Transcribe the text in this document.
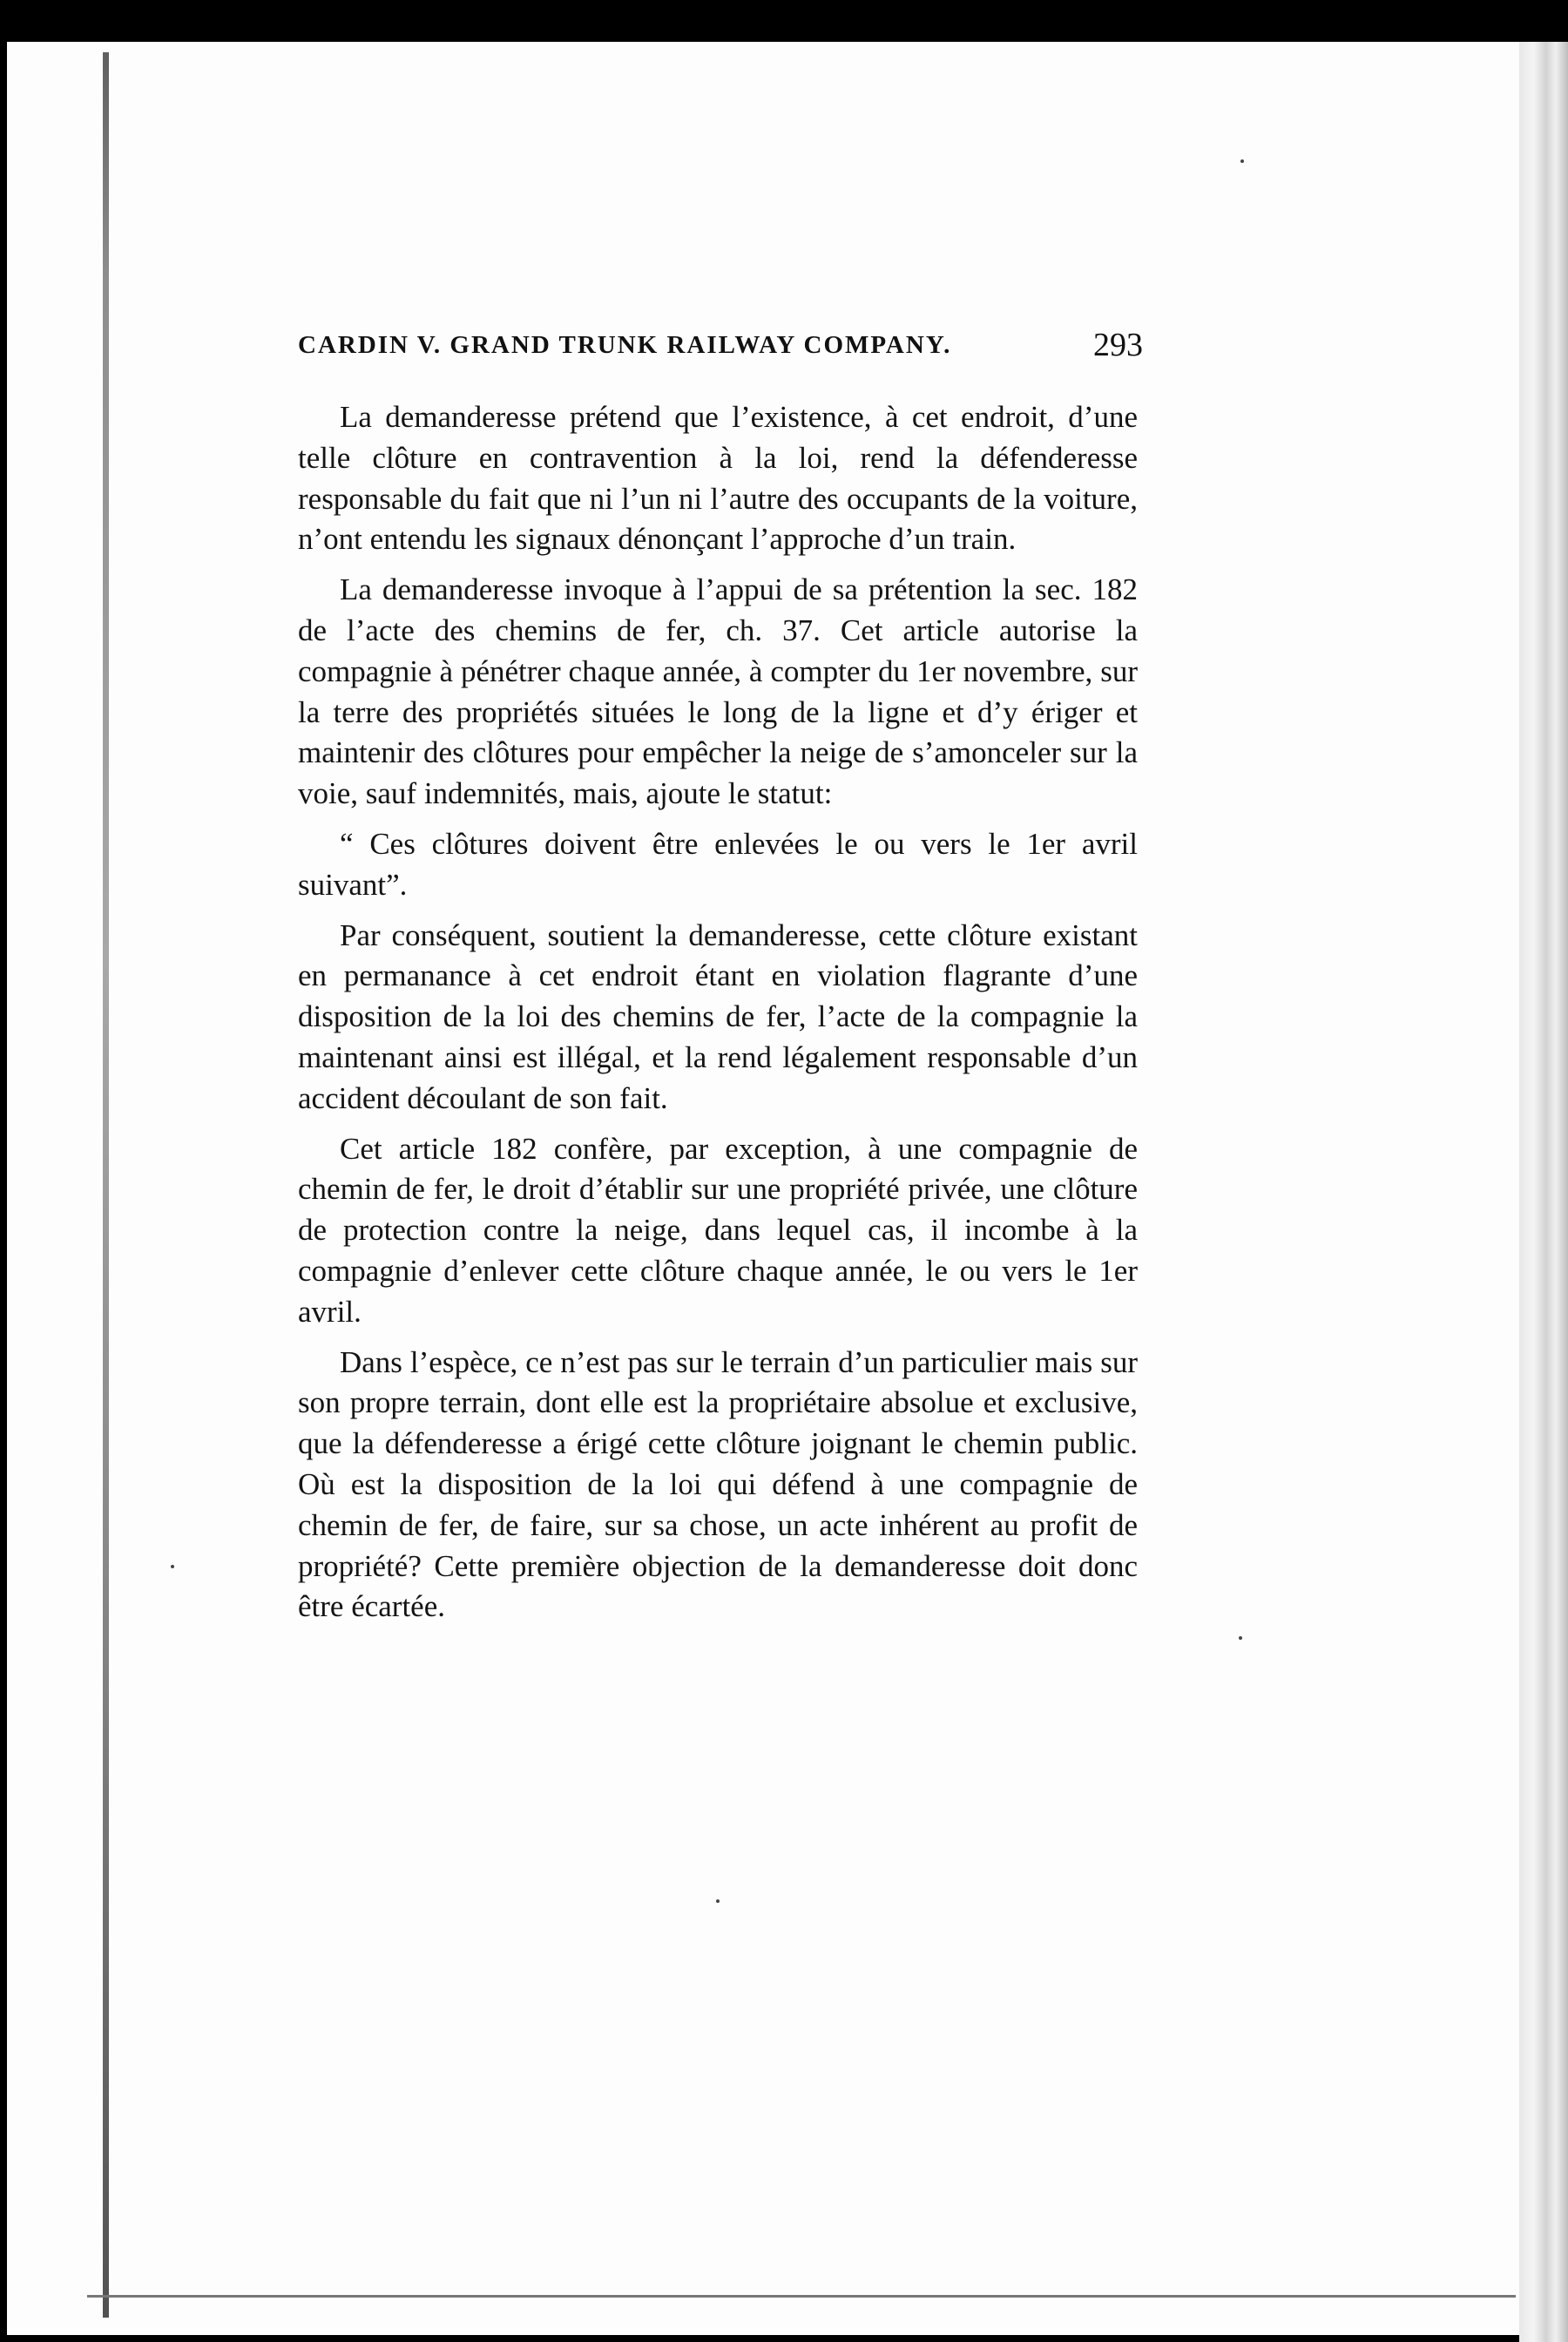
CARDIN V. GRAND TRUNK RAILWAY COMPANY.	293

La demanderesse prétend que l’existence, à cet endroit, d’une telle clôture en contravention à la loi, rend la défenderesse responsable du fait que ni l’un ni l’autre des occupants de la voiture, n’ont entendu les signaux dénonçant l’approche d’un train.

La demanderesse invoque à l’appui de sa prétention la sec. 182 de l’acte des chemins de fer, ch. 37. Cet article autorise la compagnie à pénétrer chaque année, à compter du 1er novembre, sur la terre des propriétés situées le long de la ligne et d’y ériger et maintenir des clôtures pour empêcher la neige de s’amonceler sur la voie, sauf indemnités, mais, ajoute le statut:

“ Ces clôtures doivent être enlevées le ou vers le 1er avril suivant”.

Par conséquent, soutient la demanderesse, cette clôture existant en permanance à cet endroit étant en violation flagrante d’une disposition de la loi des chemins de fer, l’acte de la compagnie la maintenant ainsi est illégal, et la rend légalement responsable d’un accident découlant de son fait.

Cet article 182 confère, par exception, à une compagnie de chemin de fer, le droit d’établir sur une propriété privée, une clôture de protection contre la neige, dans lequel cas, il incombe à la compagnie d’enlever cette clôture chaque année, le ou vers le 1er avril.

Dans l’espèce, ce n’est pas sur le terrain d’un particulier mais sur son propre terrain, dont elle est la propriétaire absolue et exclusive, que la défenderesse a érigé cette clôture joignant le chemin public. Où est la disposition de la loi qui défend à une compagnie de chemin de fer, de faire, sur sa chose, un acte inhérent au profit de propriété? Cette première objection de la demanderesse doit donc être écartée.
